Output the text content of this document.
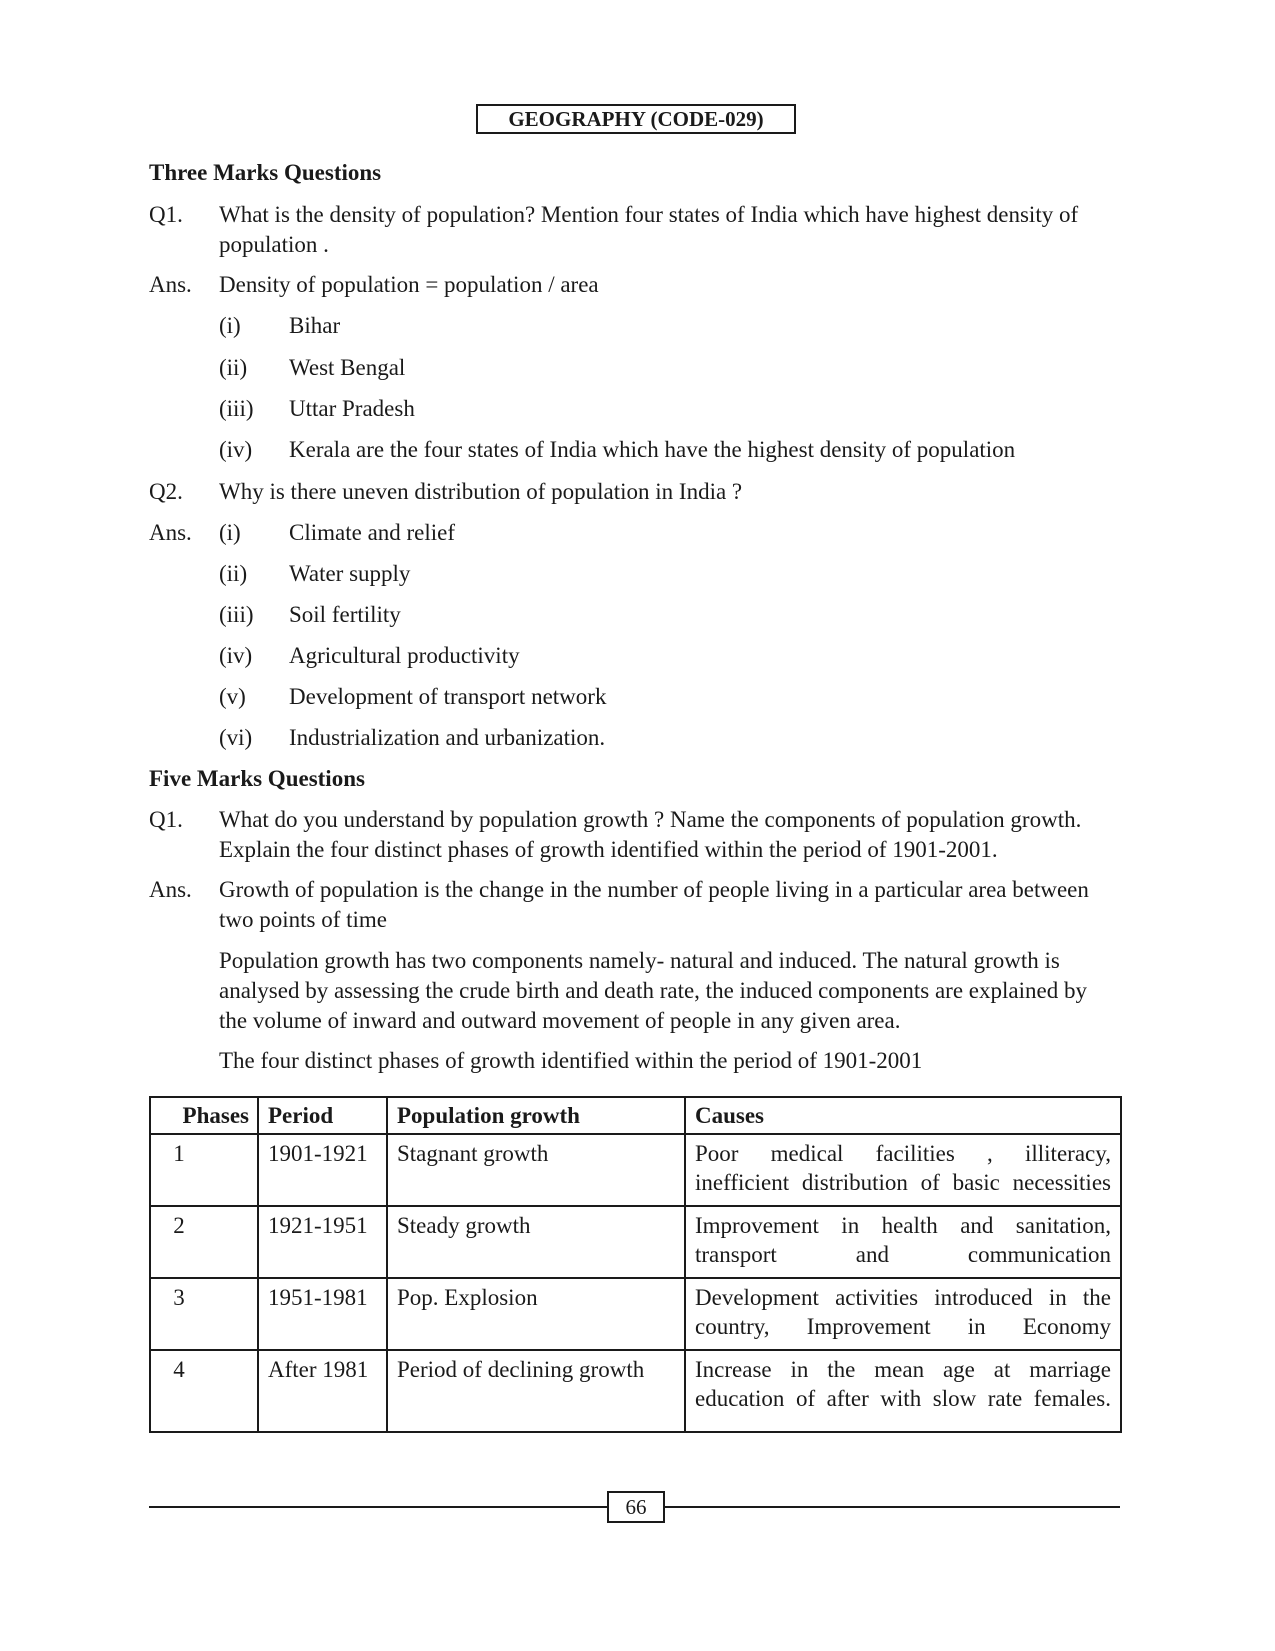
GEOGRAPHY (CODE-029)
Three Marks Questions
Q1. What is the density of population? Mention four states of India which have highest density of population .
Ans. Density of population = population / area
(i) Bihar
(ii) West Bengal
(iii) Uttar Pradesh
(iv) Kerala are the four states of India which have the highest density of population
Q2. Why is there uneven distribution of population in India ?
Ans. (i) Climate and relief
(ii) Water supply
(iii) Soil fertility
(iv) Agricultural productivity
(v) Development of transport network
(vi) Industrialization and urbanization.
Five Marks Questions
Q1. What do you understand by population growth ? Name the components of population growth. Explain the four distinct phases of growth identified within the period of 1901-2001.
Ans. Growth of population is the change in the number of people living in a particular area between two points of time
Population growth has two components namely- natural and induced. The natural growth is analysed by assessing the crude birth and death rate, the induced components are explained by the volume of inward and outward movement of people in any given area.
The four distinct phases of growth identified within the period of 1901-2001
Phases	Period	Population growth	Causes
1	1901-1921	Stagnant growth	Poor medical facilities , illiteracy,
inefficient distribution of basic necessities

2	1921-1951	Steady growth	Improvement in health and sanitation,
transport and communication

3	1951-1981	Pop. Explosion	Development activities introduced in the
country, Improvement in Economy

4	After 1981	Period of declining growth	Increase in the mean age at marriage
education of after with slow rate females.
66
